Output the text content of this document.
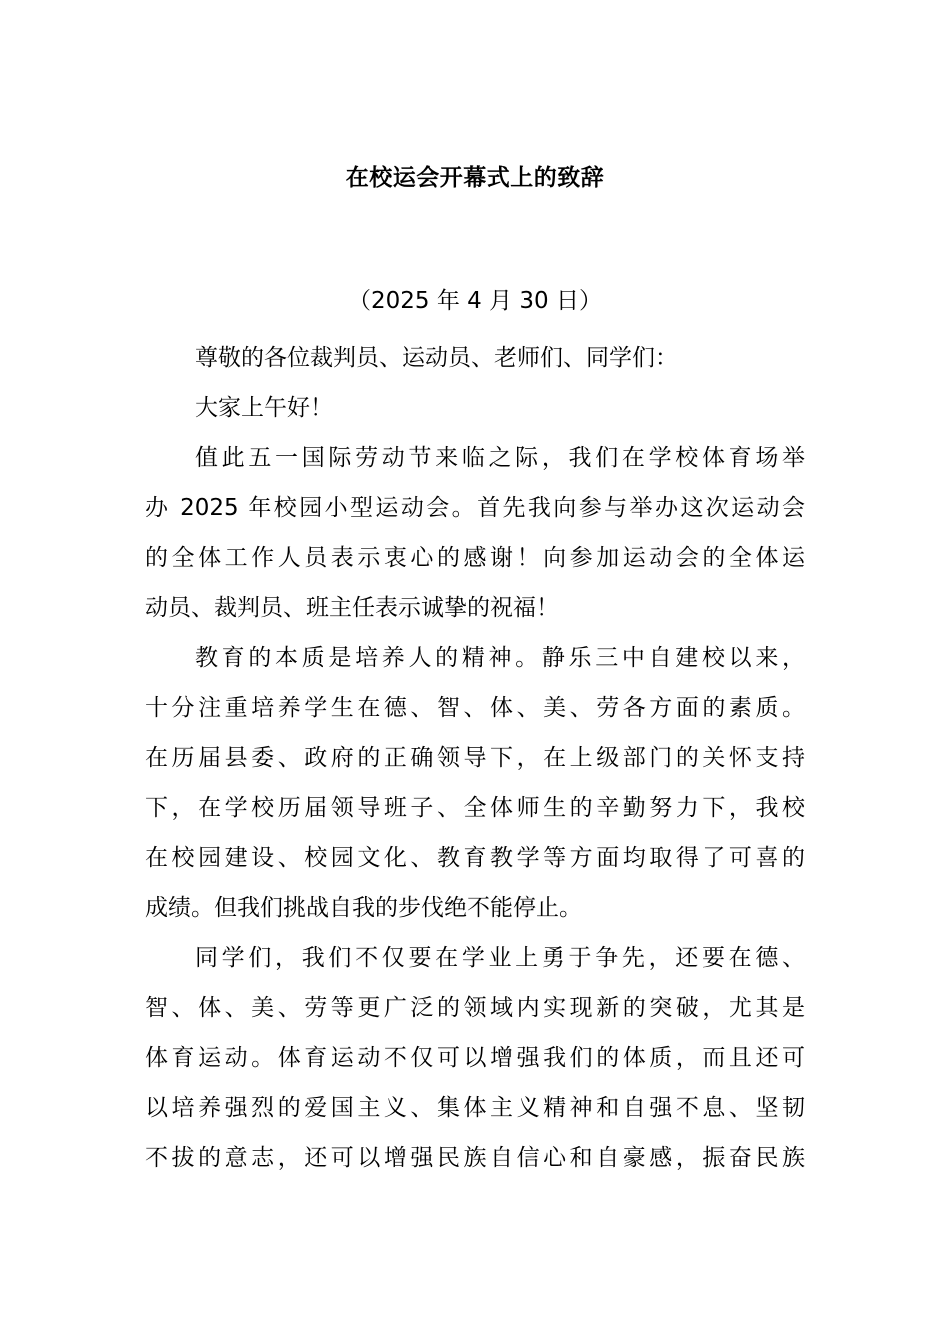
在校运会开幕式上的致辞
（2025 年 4 月 30 日）

尊敬的各位裁判员、运动员、老师们、同学们：

大家上午好！

值此五一国际劳动节来临之际，我们在学校体育场举
办 2025 年校园小型运动会。首先我向参与举办这次运动会
的全体工作人员表示衷心的感谢！向参加运动会的全体运
动员、裁判员、班主任表示诚挚的祝福！

教育的本质是培养人的精神。静乐三中自建校以来，
十分注重培养学生在德、智、体、美、劳各方面的素质。
在历届县委、政府的正确领导下，在上级部门的关怀支持
下，在学校历届领导班子、全体师生的辛勤努力下，我校
在校园建设、校园文化、教育教学等方面均取得了可喜的
成绩。但我们挑战自我的步伐绝不能停止。

同学们，我们不仅要在学业上勇于争先，还要在德、
智、体、美、劳等更广泛的领域内实现新的突破，尤其是
体育运动。体育运动不仅可以增强我们的体质，而且还可
以培养强烈的爱国主义、集体主义精神和自强不息、坚韧
不拔的意志，还可以增强民族自信心和自豪感，振奋民族
